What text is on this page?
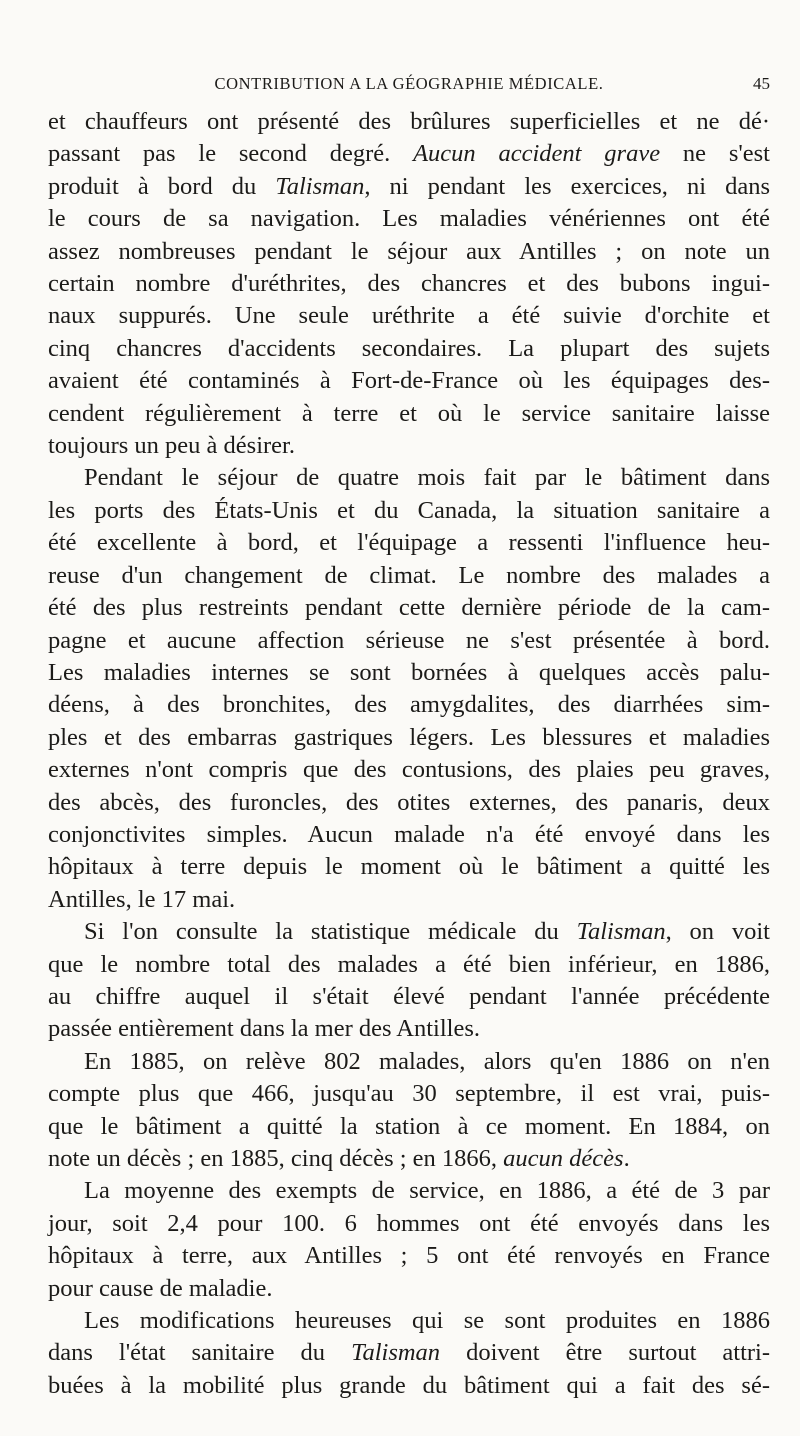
CONTRIBUTION A LA GÉOGRAPHIE MÉDICALE.	45

et chauffeurs ont présenté des brûlures superficielles et ne dé·
passant pas le second degré. Aucun accident grave ne s'est
produit à bord du Talisman, ni pendant les exercices, ni dans
le cours de sa navigation. Les maladies vénériennes ont été
assez nombreuses pendant le séjour aux Antilles ; on note un
certain nombre d'uréthrites, des chancres et des bubons ingui-
naux suppurés. Une seule uréthrite a été suivie d'orchite et
cinq chancres d'accidents secondaires. La plupart des sujets
avaient été contaminés à Fort-de-France où les équipages des-
cendent régulièrement à terre et où le service sanitaire laisse
toujours un peu à désirer.

Pendant le séjour de quatre mois fait par le bâtiment dans
les ports des États-Unis et du Canada, la situation sanitaire a
été excellente à bord, et l'équipage a ressenti l'influence heu-
reuse d'un changement de climat. Le nombre des malades a
été des plus restreints pendant cette dernière période de la cam-
pagne et aucune affection sérieuse ne s'est présentée à bord.
Les maladies internes se sont bornées à quelques accès palu-
déens, à des bronchites, des amygdalites, des diarrhées sim-
ples et des embarras gastriques légers. Les blessures et maladies
externes n'ont compris que des contusions, des plaies peu graves,
des abcès, des furoncles, des otites externes, des panaris, deux
conjonctivites simples. Aucun malade n'a été envoyé dans les
hôpitaux à terre depuis le moment où le bâtiment a quitté les
Antilles, le 17 mai.

Si l'on consulte la statistique médicale du Talisman, on voit
que le nombre total des malades a été bien inférieur, en 1886,
au chiffre auquel il s'était élevé pendant l'année précédente
passée entièrement dans la mer des Antilles.

En 1885, on relève 802 malades, alors qu'en 1886 on n'en
compte plus que 466, jusqu'au 30 septembre, il est vrai, puis-
que le bâtiment a quitté la station à ce moment. En 1884, on
note un décès ; en 1885, cinq décès ; en 1866, aucun décès.

La moyenne des exempts de service, en 1886, a été de 3 par
jour, soit 2,4 pour 100. 6 hommes ont été envoyés dans les
hôpitaux à terre, aux Antilles ; 5 ont été renvoyés en France
pour cause de maladie.

Les modifications heureuses qui se sont produites en 1886
dans l'état sanitaire du Talisman doivent être surtout attri-
buées à la mobilité plus grande du bâtiment qui a fait des sé-
